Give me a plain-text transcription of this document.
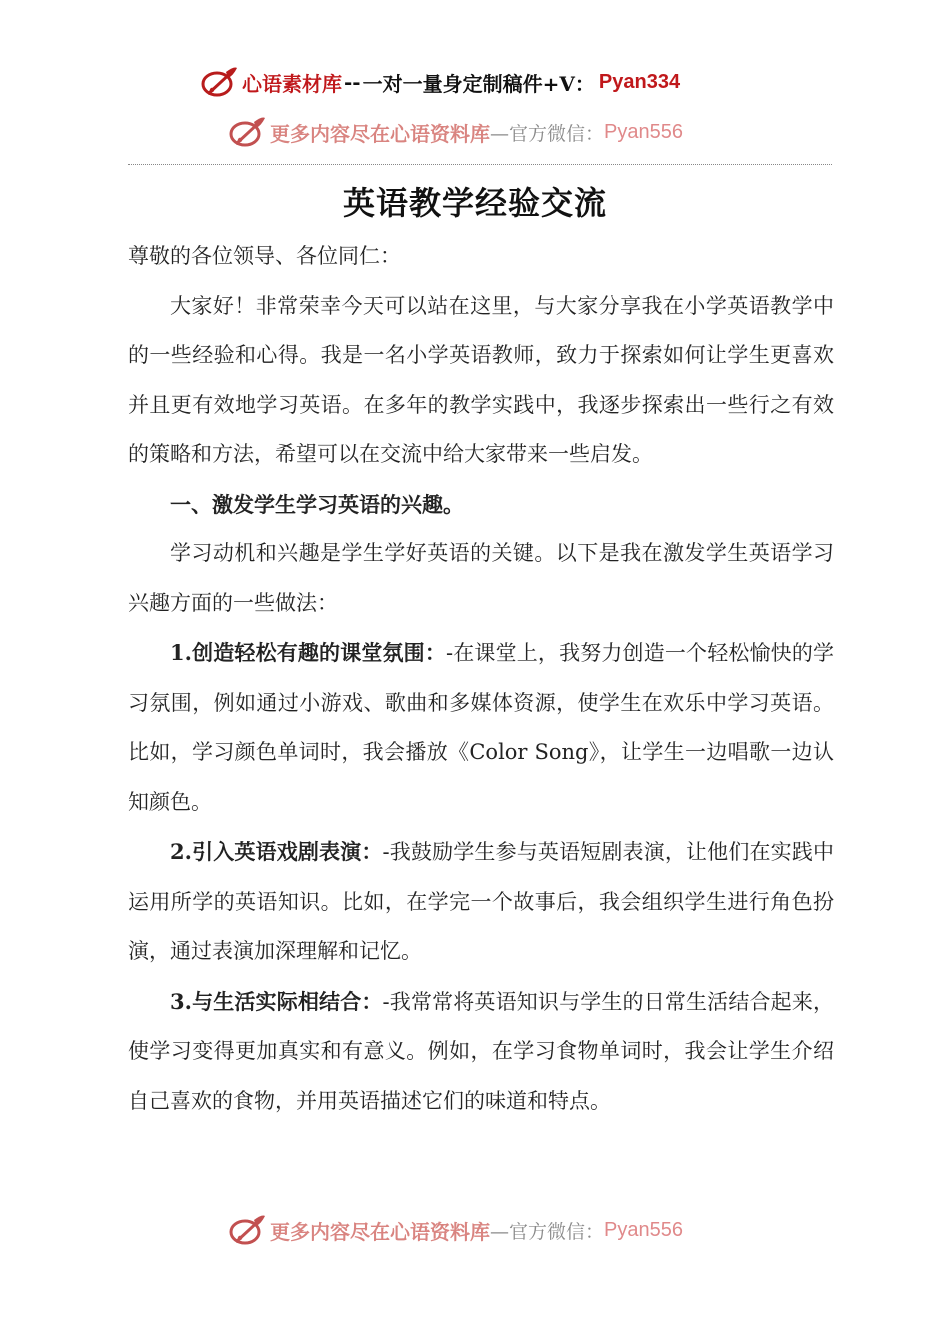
心语素材库 -- 一对一量身定制稿件+V： Pyan334
更多内容尽在心语资料库 —官方微信： Pyan556
英语教学经验交流

尊敬的各位领导、各位同仁：

大家好！非常荣幸今天可以站在这里，与大家分享我在小学英语教学中的一些经验和心得。我是一名小学英语教师，致力于探索如何让学生更喜欢并且更有效地学习英语。在多年的教学实践中，我逐步探索出一些行之有效的策略和方法，希望可以在交流中给大家带来一些启发。

一、激发学生学习英语的兴趣。

学习动机和兴趣是学生学好英语的关键。以下是我在激发学生英语学习兴趣方面的一些做法：

1.创造轻松有趣的课堂氛围：-在课堂上，我努力创造一个轻松愉快的学习氛围，例如通过小游戏、歌曲和多媒体资源，使学生在欢乐中学习英语。比如，学习颜色单词时，我会播放《Color Song》，让学生一边唱歌一边认知颜色。

2.引入英语戏剧表演：-我鼓励学生参与英语短剧表演，让他们在实践中运用所学的英语知识。比如，在学完一个故事后，我会组织学生进行角色扮演，通过表演加深理解和记忆。

3.与生活实际相结合：-我常常将英语知识与学生的日常生活结合起来，使学习变得更加真实和有意义。例如，在学习食物单词时，我会让学生介绍自己喜欢的食物，并用英语描述它们的味道和特点。

更多内容尽在心语资料库 —官方微信： Pyan556
